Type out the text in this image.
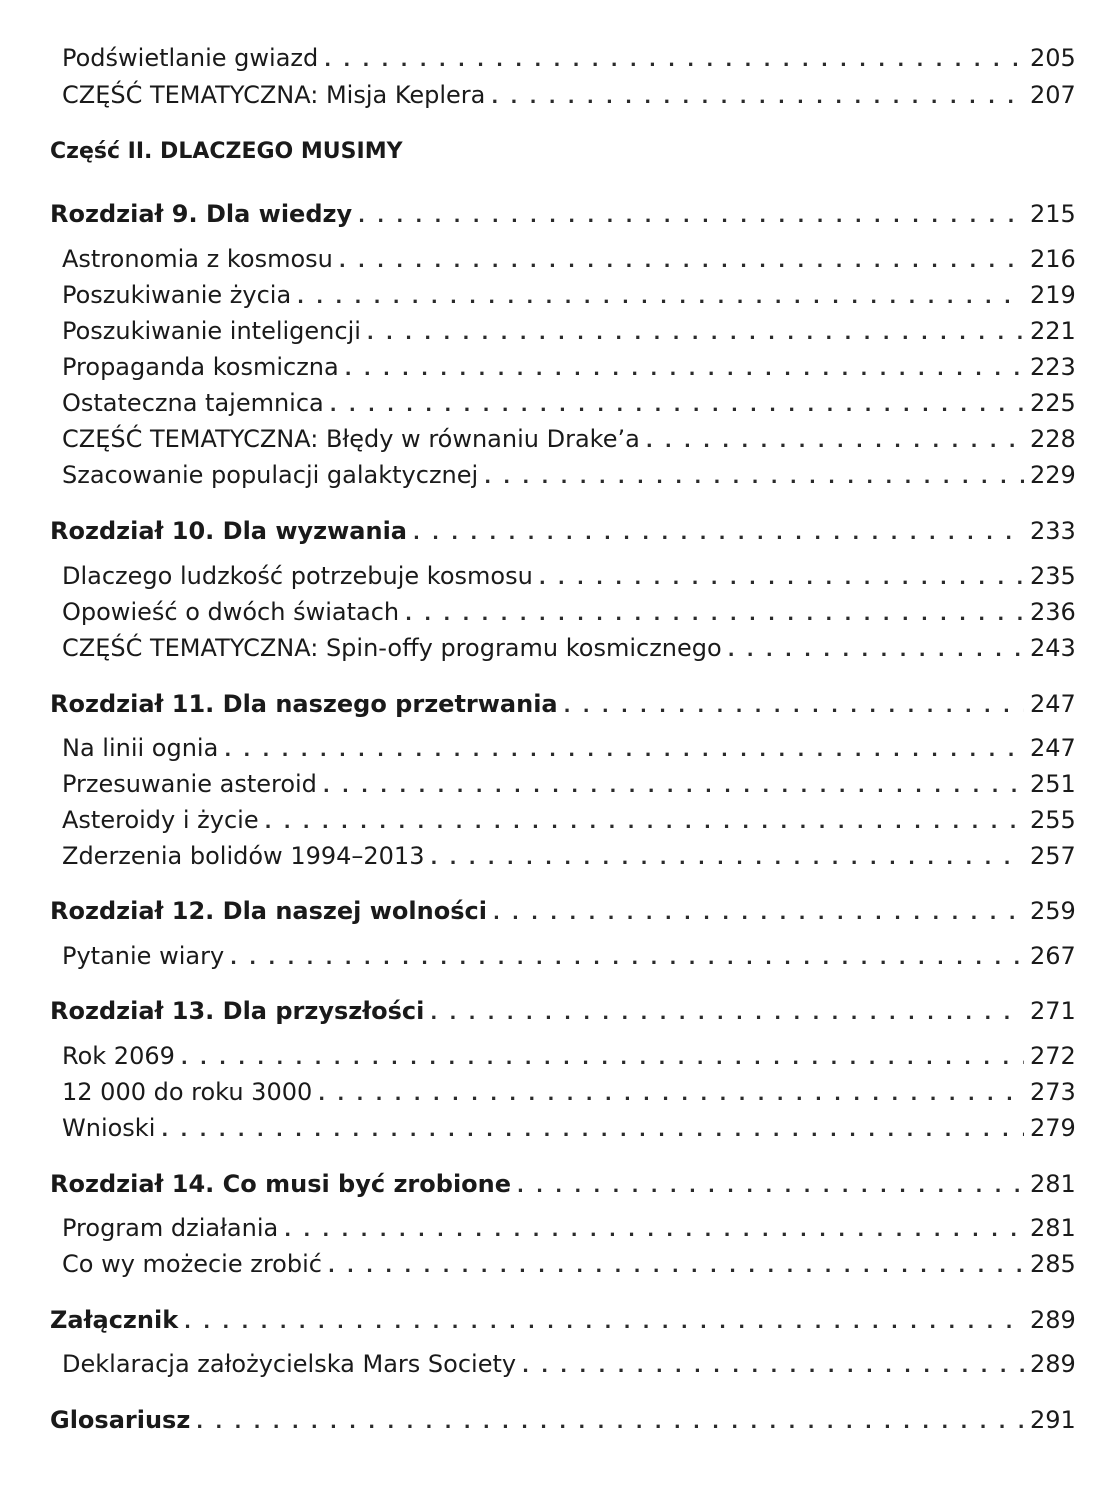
Podświetlanie gwiazd . . .	205
CZĘŚĆ TEMATYCZNA: Misja Keplera . . .	207
Część II. DLACZEGO MUSIMY
Rozdział 9. Dla wiedzy . . .	215
Astronomia z kosmosu . . .	216
Poszukiwanie życia . . .	219
Poszukiwanie inteligencji . . .	221
Propaganda kosmiczna . . .	223
Ostateczna tajemnica . . .	225
CZĘŚĆ TEMATYCZNA: Błędy w równaniu Drake’a . . .	228
Szacowanie populacji galaktycznej . . .	229
Rozdział 10. Dla wyzwania . . .	233
Dlaczego ludzkość potrzebuje kosmosu . . .	235
Opowieść o dwóch światach . . .	236
CZĘŚĆ TEMATYCZNA: Spin-offy programu kosmicznego . . .	243
Rozdział 11. Dla naszego przetrwania . . .	247
Na linii ognia . . .	247
Przesuwanie asteroid . . .	251
Asteroidy i życie . . .	255
Zderzenia bolidów 1994–2013 . . .	257
Rozdział 12. Dla naszej wolności . . .	259
Pytanie wiary . . .	267
Rozdział 13. Dla przyszłości . . .	271
Rok 2069 . . .	272
12 000 do roku 3000 . . .	273
Wnioski . . .	279
Rozdział 14. Co musi być zrobione . . .	281
Program działania . . .	281
Co wy możecie zrobić . . .	285
Załącznik . . .	289
Deklaracja założycielska Mars Society . . .	289
Glosariusz . . .	291
